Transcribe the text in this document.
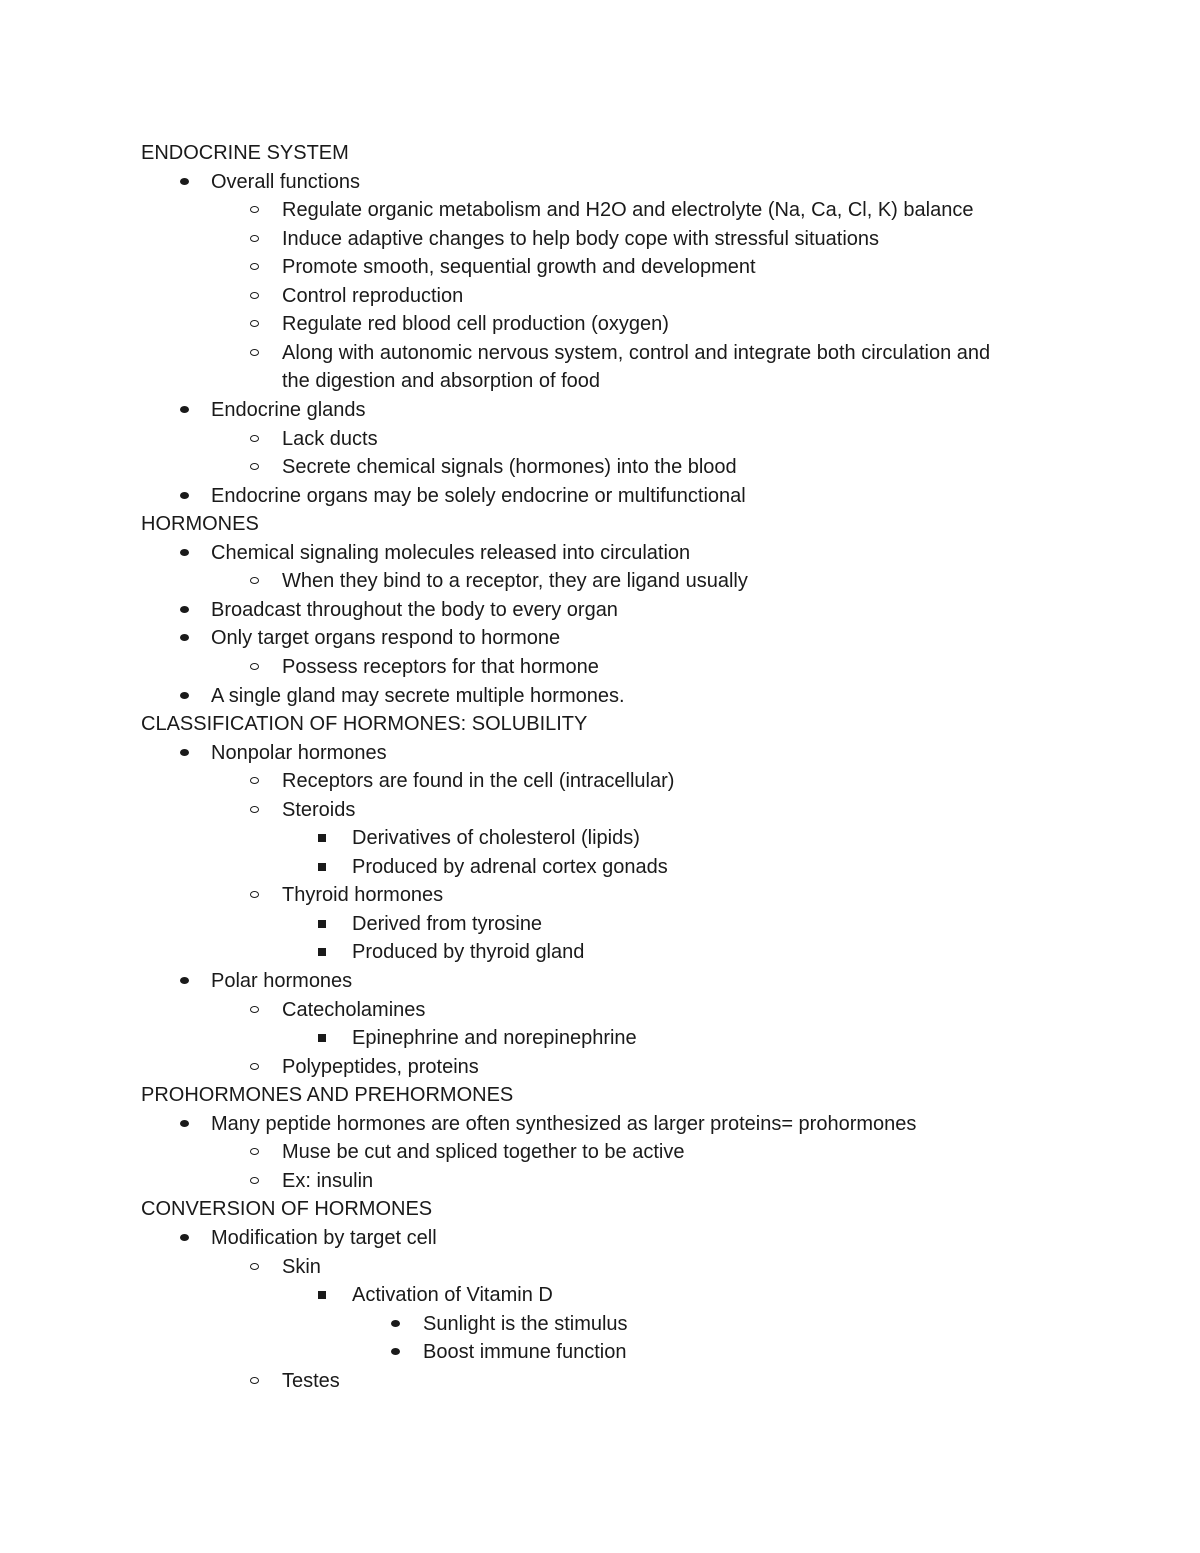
ENDOCRINE SYSTEM
Overall functions
Regulate organic metabolism and H2O and electrolyte (Na, Ca, Cl, K) balance
Induce adaptive changes to help body cope with stressful situations
Promote smooth, sequential growth and development
Control reproduction
Regulate red blood cell production (oxygen)
Along with autonomic nervous system, control and integrate both circulation and
the digestion and absorption of food
Endocrine glands
Lack ducts
Secrete chemical signals (hormones) into the blood
Endocrine organs may be solely endocrine or multifunctional
HORMONES
Chemical signaling molecules released into circulation
When they bind to a receptor, they are ligand usually
Broadcast throughout the body to every organ
Only target organs respond to hormone
Possess receptors for that hormone
A single gland may secrete multiple hormones.
CLASSIFICATION OF HORMONES: SOLUBILITY
Nonpolar hormones
Receptors are found in the cell (intracellular)
Steroids
Derivatives of cholesterol (lipids)
Produced by adrenal cortex gonads
Thyroid hormones
Derived from tyrosine
Produced by thyroid gland
Polar hormones
Catecholamines
Epinephrine and norepinephrine
Polypeptides, proteins
PROHORMONES AND PREHORMONES
Many peptide hormones are often synthesized as larger proteins= prohormones
Muse be cut and spliced together to be active
Ex: insulin
CONVERSION OF HORMONES
Modification by target cell
Skin
Activation of Vitamin D
Sunlight is the stimulus
Boost immune function
Testes
